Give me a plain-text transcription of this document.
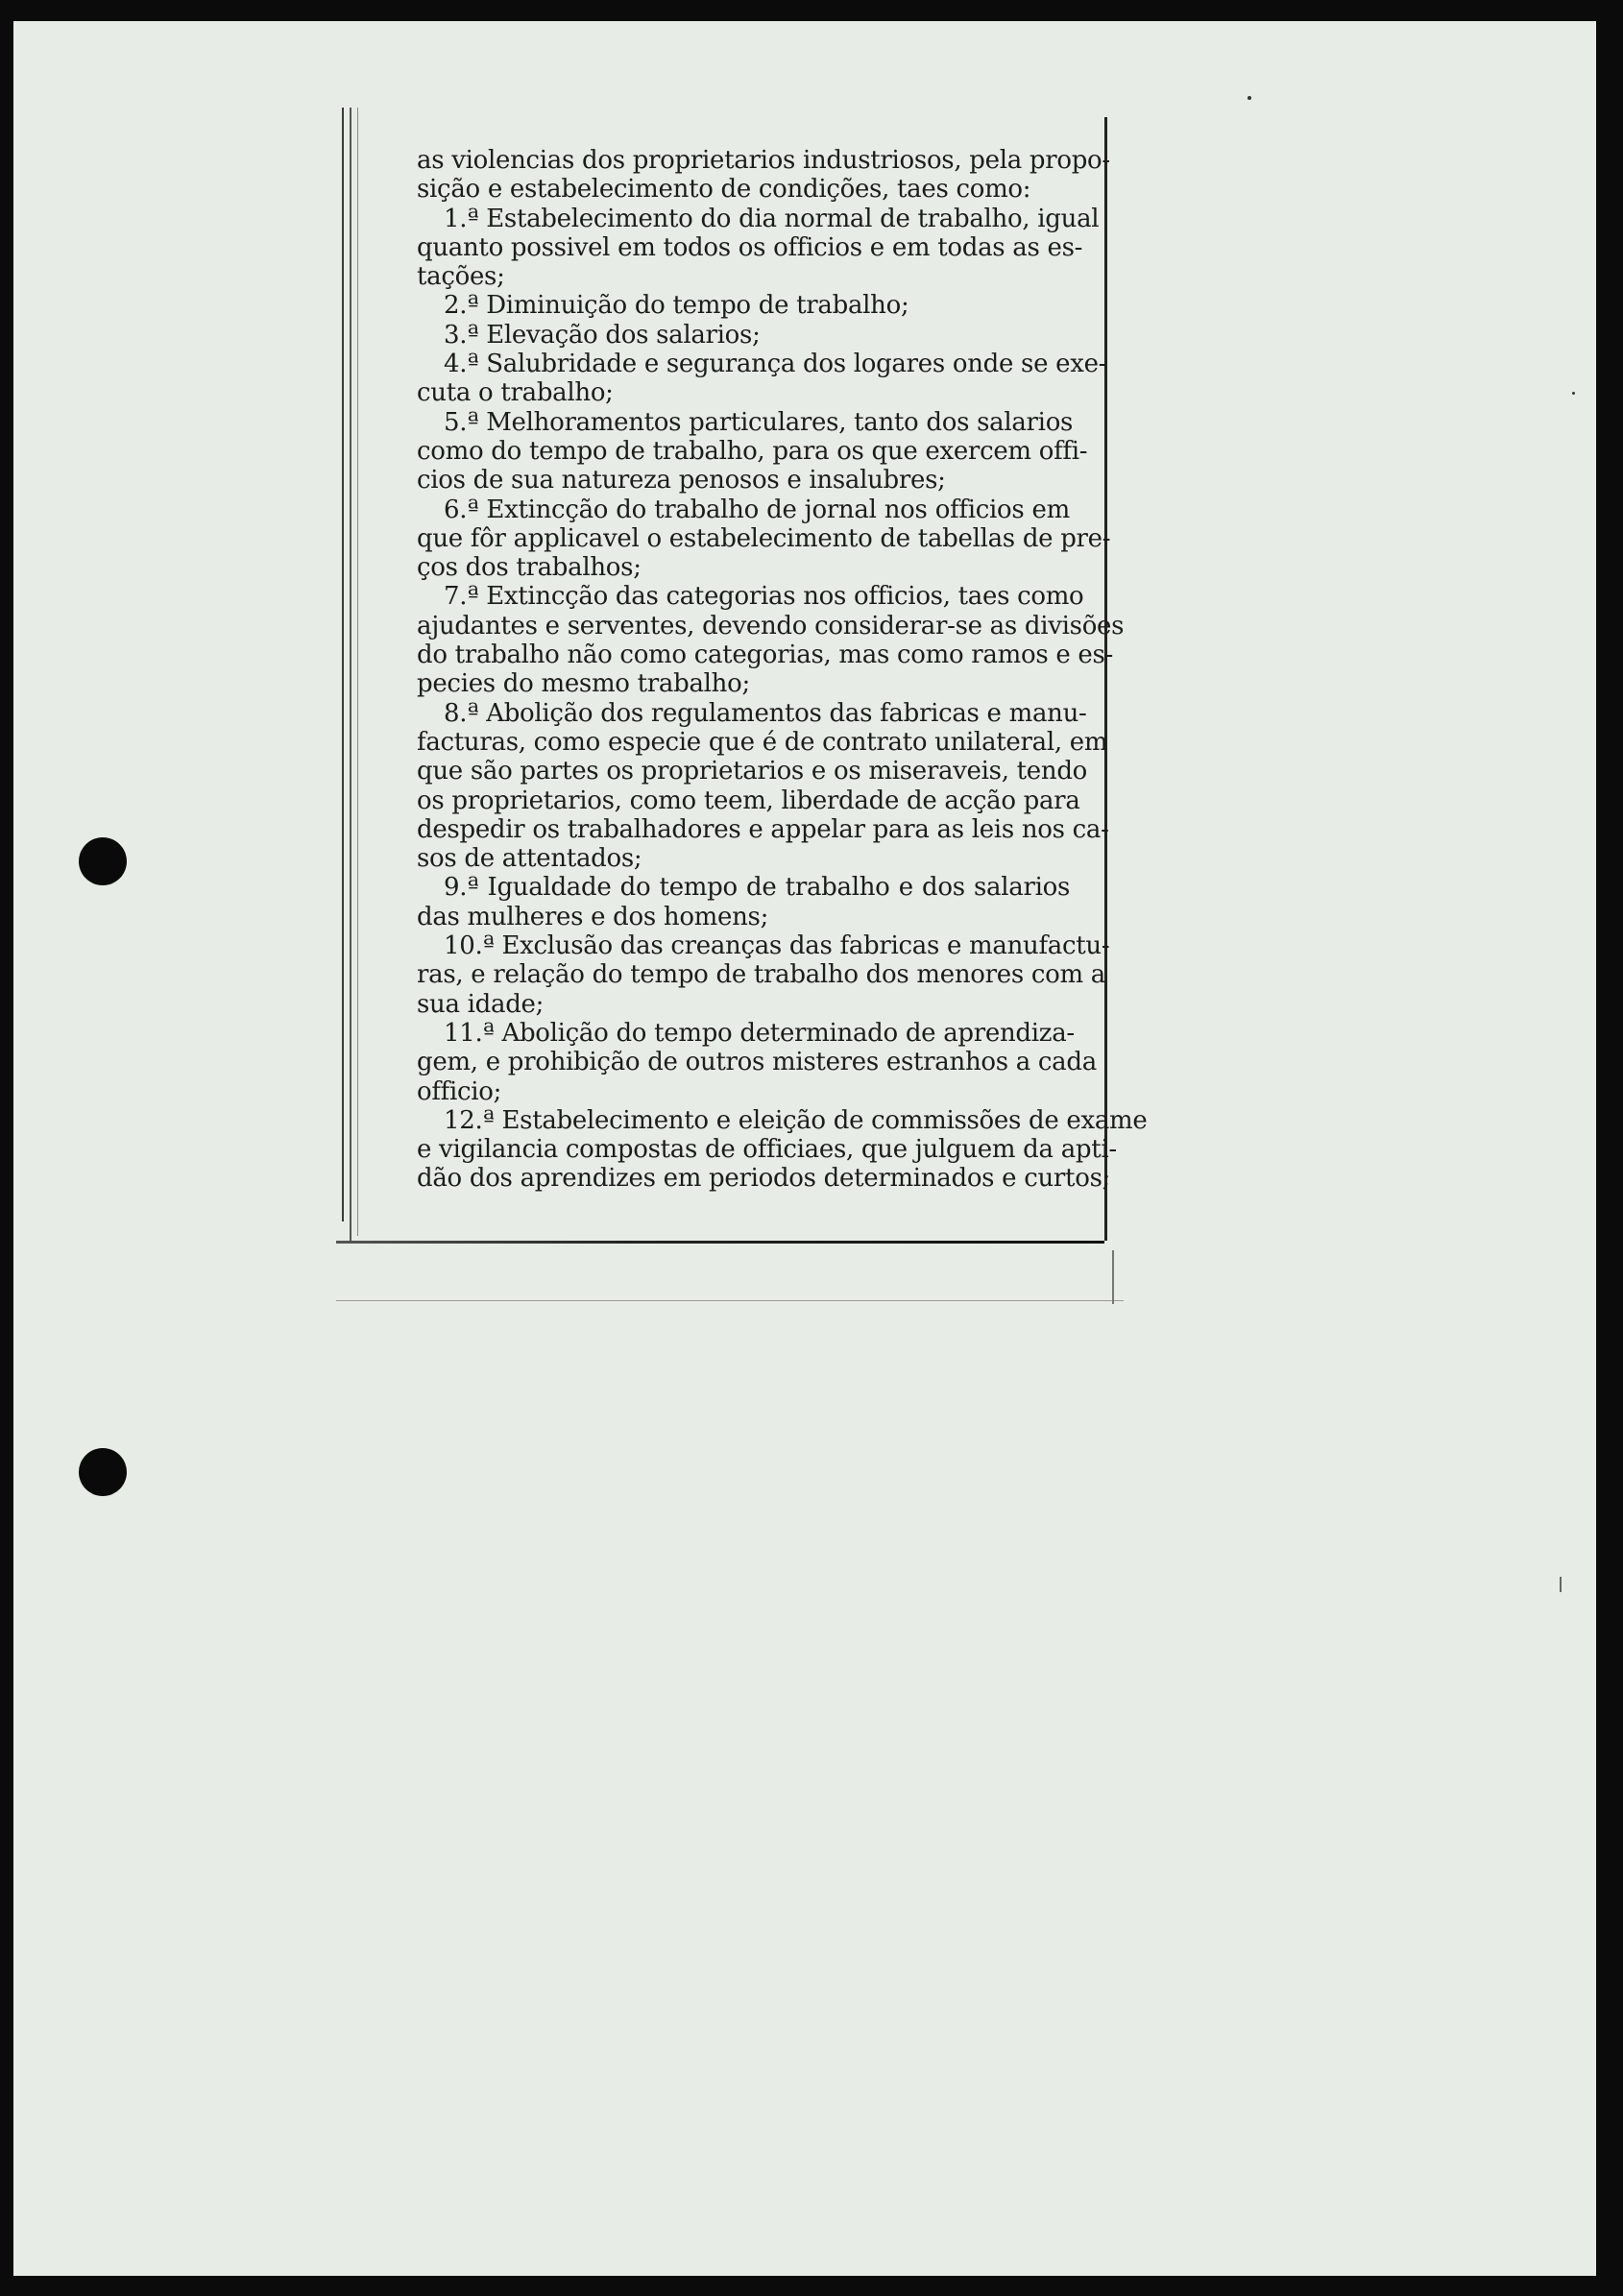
as violencias dos proprietarios industriosos, pela propo-
sição e estabelecimento de condições, taes como:
1.ª Estabelecimento do dia normal de trabalho, igual
quanto possivel em todos os officios e em todas as es-
tações;
2.ª Diminuição do tempo de trabalho;
3.ª Elevação dos salarios;
4.ª Salubridade e segurança dos logares onde se exe-
cuta o trabalho;
5.ª Melhoramentos particulares, tanto dos salarios
como do tempo de trabalho, para os que exercem offi-
cios de sua natureza penosos e insalubres;
6.ª Extincção do trabalho de jornal nos officios em
que fôr applicavel o estabelecimento de tabellas de pre-
ços dos trabalhos;
7.ª Extincção das categorias nos officios, taes como
ajudantes e serventes, devendo considerar-se as divisões
do trabalho não como categorias, mas como ramos e es-
pecies do mesmo trabalho;
8.ª Abolição dos regulamentos das fabricas e manu-
facturas, como especie que é de contrato unilateral, em
que são partes os proprietarios e os miseraveis, tendo
os proprietarios, como teem, liberdade de acção para
despedir os trabalhadores e appelar para as leis nos ca-
sos de attentados;
9.ª Igualdade do tempo de trabalho e dos salarios
das mulheres e dos homens;
10.ª Exclusão das creanças das fabricas e manufactu-
ras, e relação do tempo de trabalho dos menores com a
sua idade;
11.ª Abolição do tempo determinado de aprendiza-
gem, e prohibição de outros misteres estranhos a cada
officio;
12.ª Estabelecimento e eleição de commissões de exame
e vigilancia compostas de officiaes, que julguem da apti-
dão dos aprendizes em periodos determinados e curtos;
